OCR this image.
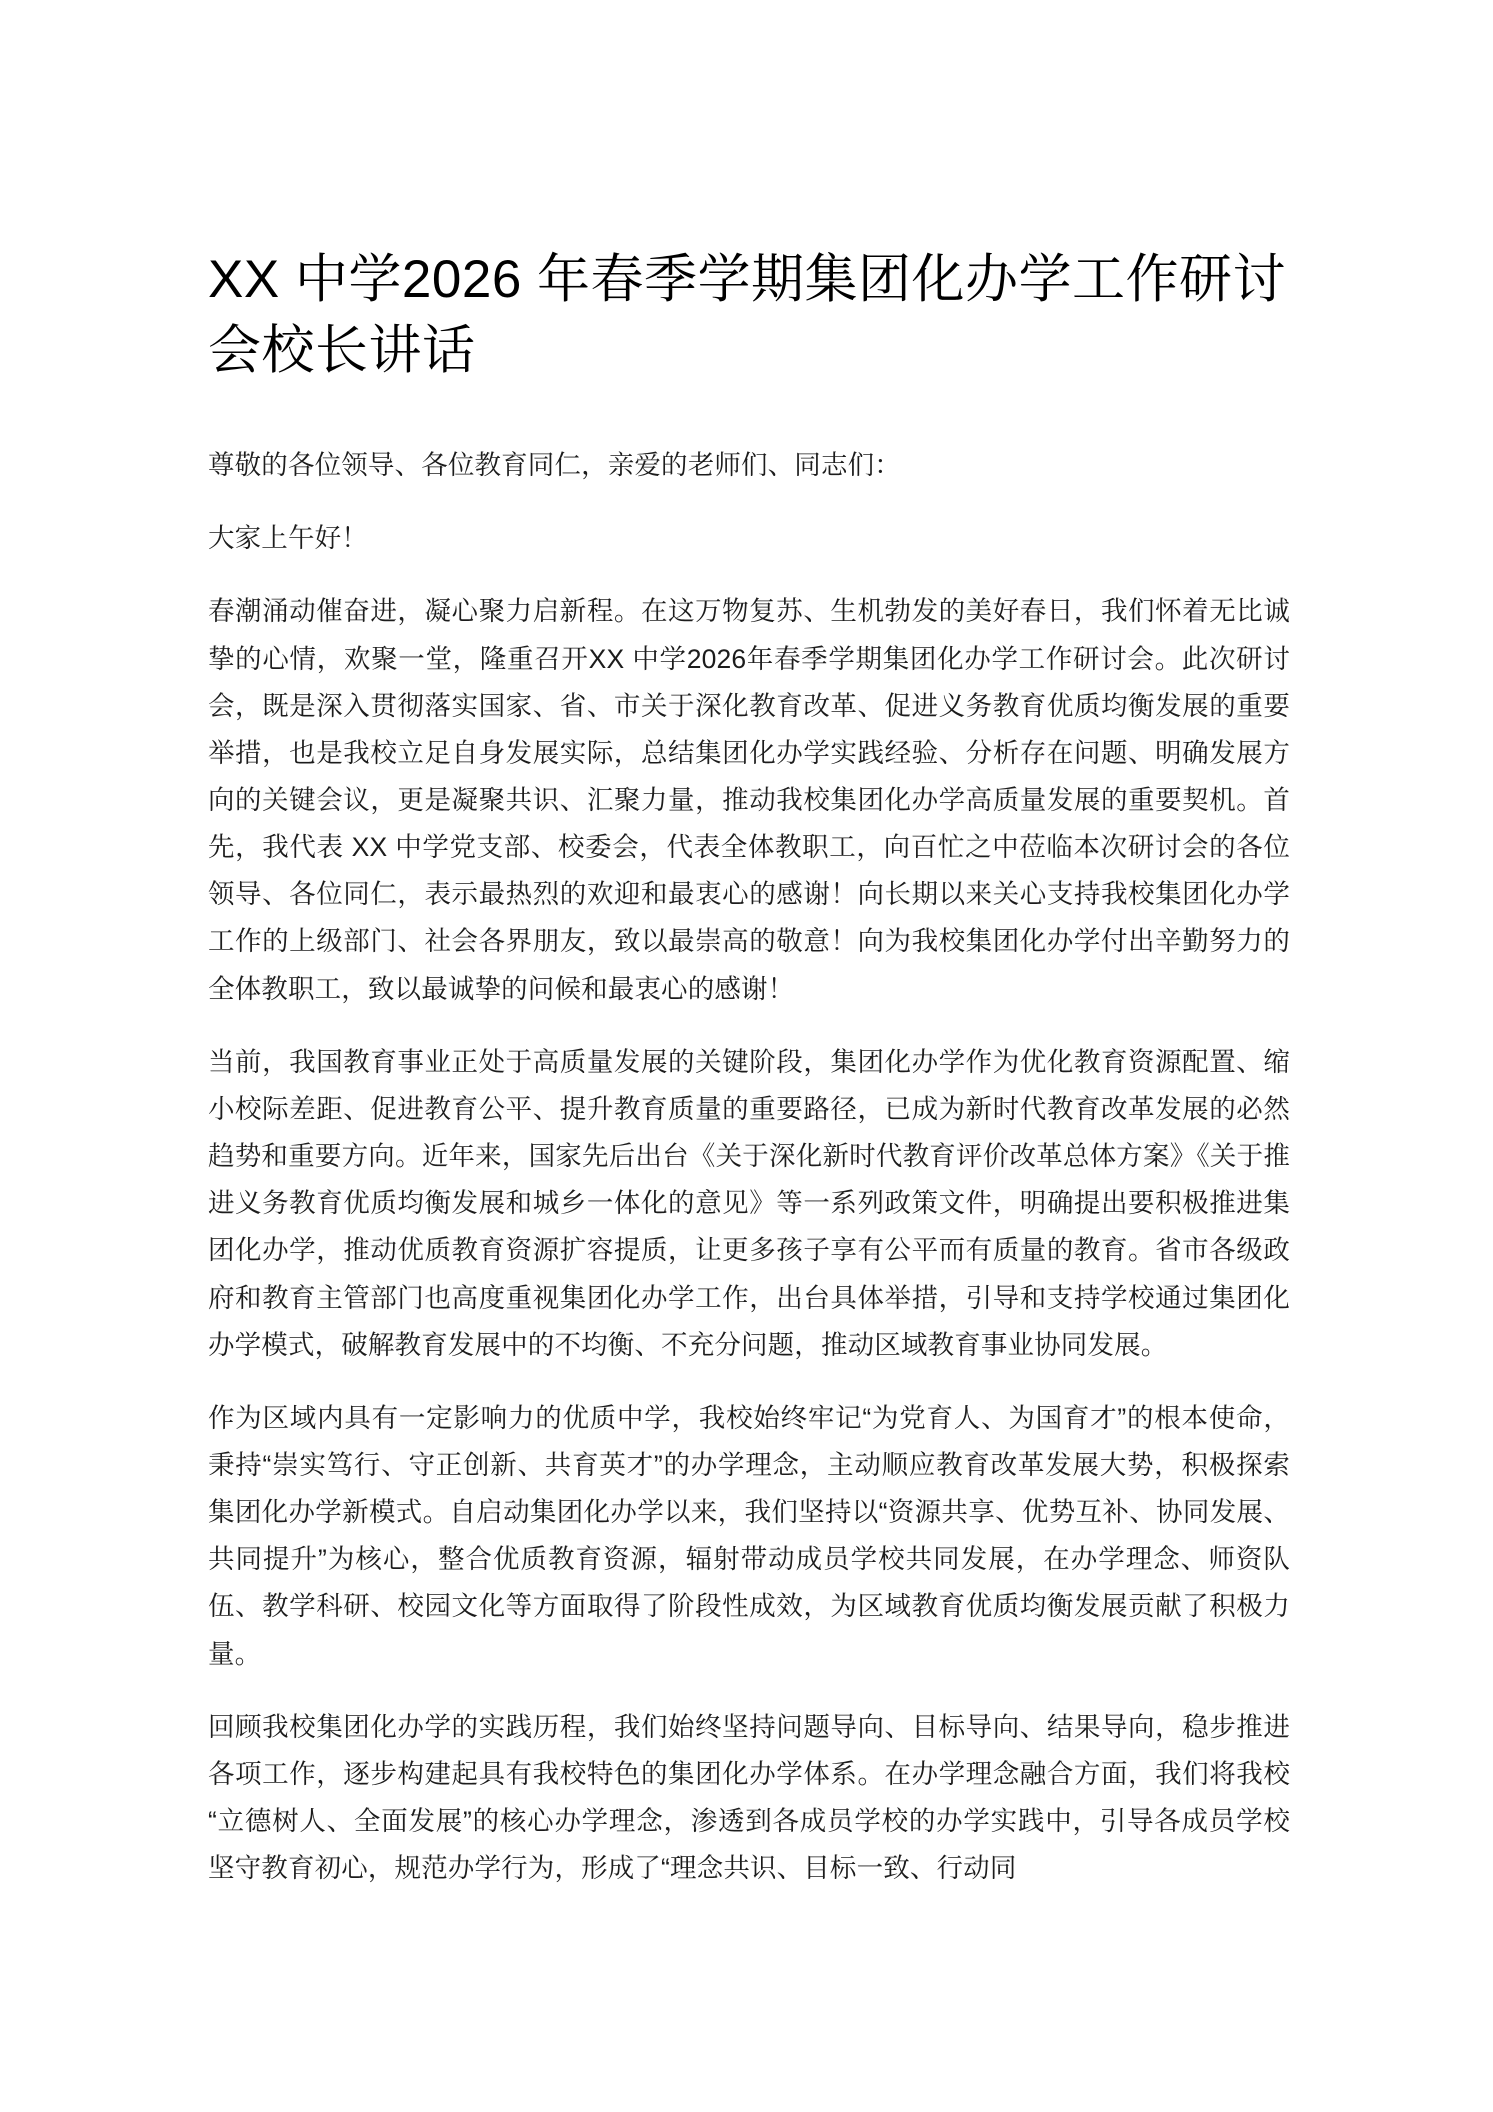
XX 中学2026 年春季学期集团化办学工作研讨会校长讲话

尊敬的各位领导、各位教育同仁，亲爱的老师们、同志们：

大家上午好！

春潮涌动催奋进，凝心聚力启新程。在这万物复苏、生机勃发的美好春日，我们怀着无比诚挚的心情，欢聚一堂，隆重召开XX 中学2026年春季学期集团化办学工作研讨会。此次研讨会，既是深入贯彻落实国家、省、市关于深化教育改革、促进义务教育优质均衡发展的重要举措，也是我校立足自身发展实际，总结集团化办学实践经验、分析存在问题、明确发展方向的关键会议，更是凝聚共识、汇聚力量，推动我校集团化办学高质量发展的重要契机。首先，我代表 XX 中学党支部、校委会，代表全体教职工，向百忙之中莅临本次研讨会的各位领导、各位同仁，表示最热烈的欢迎和最衷心的感谢！向长期以来关心支持我校集团化办学工作的上级部门、社会各界朋友，致以最崇高的敬意！向为我校集团化办学付出辛勤努力的全体教职工，致以最诚挚的问候和最衷心的感谢！

当前，我国教育事业正处于高质量发展的关键阶段，集团化办学作为优化教育资源配置、缩小校际差距、促进教育公平、提升教育质量的重要路径，已成为新时代教育改革发展的必然趋势和重要方向。近年来，国家先后出台《关于深化新时代教育评价改革总体方案》《关于推进义务教育优质均衡发展和城乡一体化的意见》等一系列政策文件，明确提出要积极推进集团化办学，推动优质教育资源扩容提质，让更多孩子享有公平而有质量的教育。省市各级政府和教育主管部门也高度重视集团化办学工作，出台具体举措，引导和支持学校通过集团化办学模式，破解教育发展中的不均衡、不充分问题，推动区域教育事业协同发展。

作为区域内具有一定影响力的优质中学，我校始终牢记“为党育人、为国育才”的根本使命，秉持“崇实笃行、守正创新、共育英才”的办学理念，主动顺应教育改革发展大势，积极探索集团化办学新模式。自启动集团化办学以来，我们坚持以“资源共享、优势互补、协同发展、共同提升”为核心，整合优质教育资源，辐射带动成员学校共同发展，在办学理念、师资队伍、教学科研、校园文化等方面取得了阶段性成效，为区域教育优质均衡发展贡献了积极力量。

回顾我校集团化办学的实践历程，我们始终坚持问题导向、目标导向、结果导向，稳步推进各项工作，逐步构建起具有我校特色的集团化办学体系。在办学理念融合方面，我们将我校“立德树人、全面发展”的核心办学理念，渗透到各成员学校的办学实践中，引导各成员学校坚守教育初心，规范办学行为，形成了“理念共识、目标一致、行动同
